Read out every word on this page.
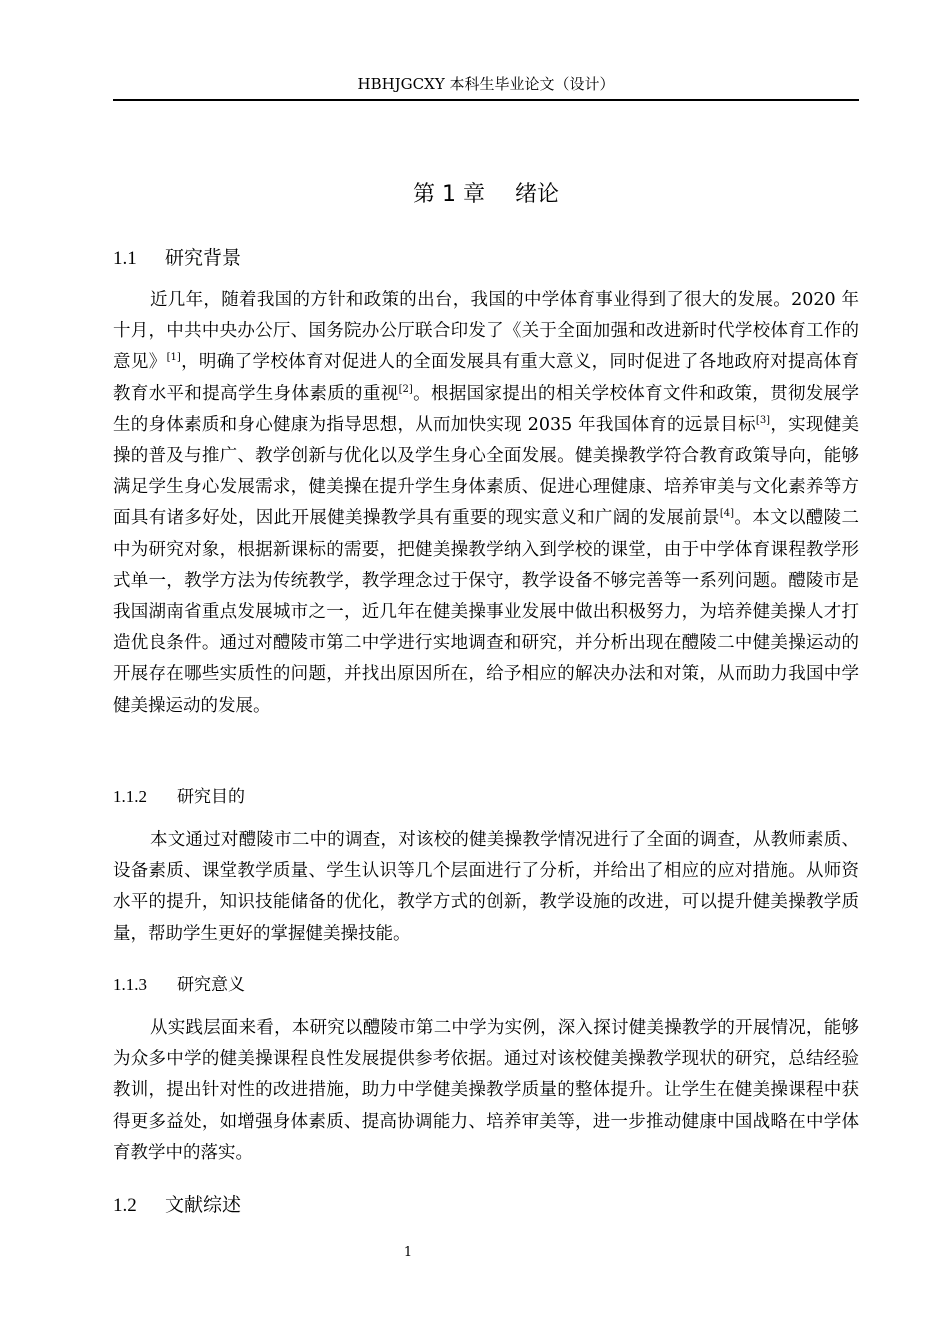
HBHJGCXY 本科生毕业论文（设计）
第 1 章 绪论
1.1 研究背景

近几年，随着我国的方针和政策的出台，我国的中学体育事业得到了很大的发展。2020 年十月，中共中央办公厅、国务院办公厅联合印发了《关于全面加强和改进新时代学校体育工作的意见》[1]，明确了学校体育对促进人的全面发展具有重大意义，同时促进了各地政府对提高体育教育水平和提高学生身体素质的重视[2]。根据国家提出的相关学校体育文件和政策，贯彻发展学生的身体素质和身心健康为指导思想，从而加快实现 2035 年我国体育的远景目标[3]，实现健美操的普及与推广、教学创新与优化以及学生身心全面发展。健美操教学符合教育政策导向，能够满足学生身心发展需求，健美操在提升学生身体素质、促进心理健康、培养审美与文化素养等方面具有诸多好处，因此开展健美操教学具有重要的现实意义和广阔的发展前景[4]。本文以醴陵二中为研究对象，根据新课标的需要，把健美操教学纳入到学校的课堂，由于中学体育课程教学形式单一，教学方法为传统教学，教学理念过于保守，教学设备不够完善等一系列问题。醴陵市是我国湖南省重点发展城市之一，近几年在健美操事业发展中做出积极努力，为培养健美操人才打造优良条件。通过对醴陵市第二中学进行实地调查和研究，并分析出现在醴陵二中健美操运动的开展存在哪些实质性的问题，并找出原因所在，给予相应的解决办法和对策，从而助力我国中学健美操运动的发展。

1.1.2 研究目的

本文通过对醴陵市二中的调查，对该校的健美操教学情况进行了全面的调查，从教师素质、设备素质、课堂教学质量、学生认识等几个层面进行了分析，并给出了相应的应对措施。从师资水平的提升，知识技能储备的优化，教学方式的创新，教学设施的改进，可以提升健美操教学质量，帮助学生更好的掌握健美操技能。

1.1.3 研究意义

从实践层面来看，本研究以醴陵市第二中学为实例，深入探讨健美操教学的开展情况，能够为众多中学的健美操课程良性发展提供参考依据。通过对该校健美操教学现状的研究，总结经验教训，提出针对性的改进措施，助力中学健美操教学质量的整体提升。让学生在健美操课程中获得更多益处，如增强身体素质、提高协调能力、培养审美等，进一步推动健康中国战略在中学体育教学中的落实。

1.2 文献综述
1
